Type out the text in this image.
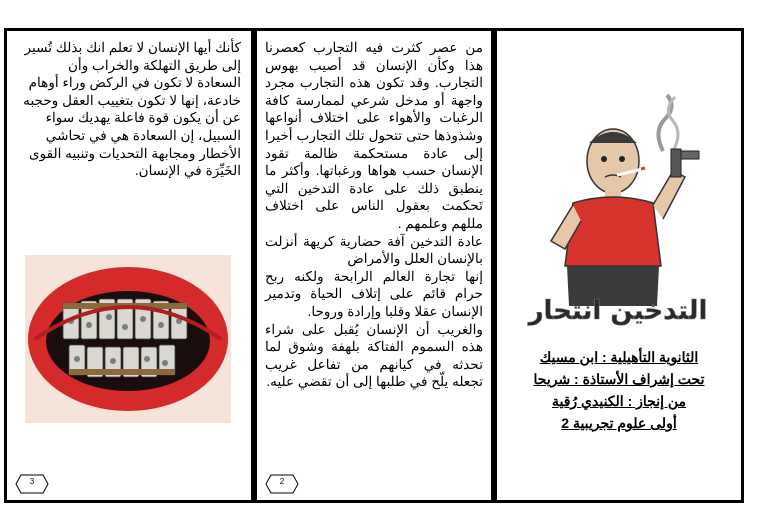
كأنك أيها الإنسان لا تعلم انك بذلك تُسير إلى طريق التهلكة والخراب وأن السعادة لا تكون في الركض وراء أوهام خادعة، إنها لا تكون بتغييب العقل وحجبه عن أن يكون قوة فاعلة يهديك سواء السبيل، إن السعادة هي في تحاشي الأخطار ومجابهة التحديات وتنبيه القوى الخَيِّرَة في الإنسان.
3

من عصر كثرت فيه التجارب كعصرنا هذا وكأن الإنسان قد أصيب بهوس التجارب. وقد تكون هذه التجارب مجرد واجهة أو مدخل شرعي لممارسة كافة الرغبات والأهواء على اختلاف أنواعها وشذوذها حتى تتحول تلك التجارب أخيرا إلى عادة مستحكمة ظالمة تقود الإنسان حسب هواها ورغباتها. وأكثر ما ينطبق ذلك على عادة التدخين التي تَحكمت بعقول الناس على اختلاف مللهم وعلمهم .

عادة التدخين آفة حضارية كريهة أنزلت بالإنسان العلل والأمراض

إنها تجارة العالم الرابحة ولكنه ربح حرام قائم على إتلاف الحياة وتدمير الإنسان عقلا وقلبا وإرادة وروحا.

والغريب أن الإنسان يُقبل على شراء هذه السموم الفتاكة بلهفة وشوق لما تحدثه في كيانهم من تفاعل غريب تجعله يلّح في طلبها إلى أن تقضي عليه.

2
التدخين انتحار
الثانوية التأهيلية : ابن مسيك
تحت إشراف الأستاذة : شريحا
من إنجاز : الكنيدي رُقية
أولى علوم تجريبية 2
